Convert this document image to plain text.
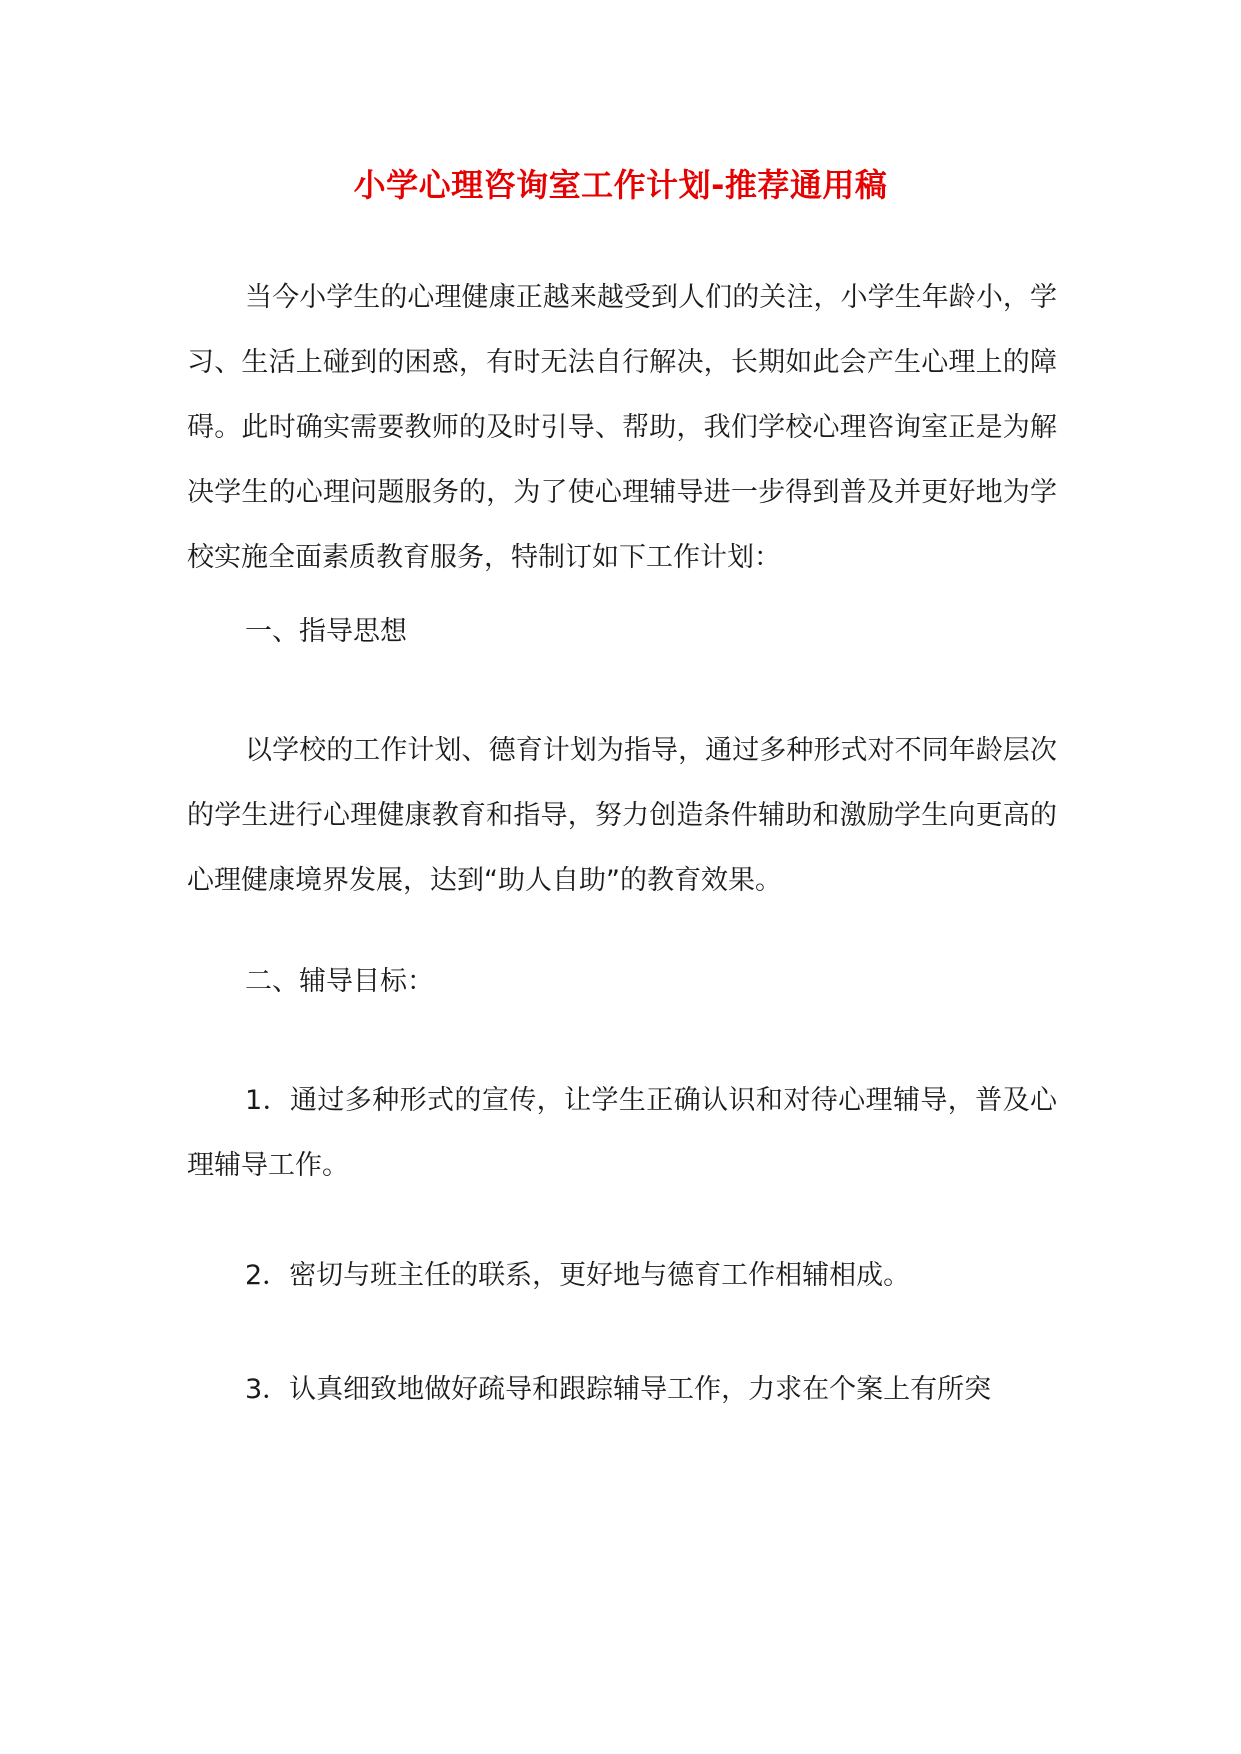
小学心理咨询室工作计划-推荐通用稿

当今小学生的心理健康正越来越受到人们的关注，小学生年龄小，学习、生活上碰到的困惑，有时无法自行解决，长期如此会产生心理上的障碍。此时确实需要教师的及时引导、帮助，我们学校心理咨询室正是为解决学生的心理问题服务的，为了使心理辅导进一步得到普及并更好地为学校实施全面素质教育服务，特制订如下工作计划：

一、指导思想

以学校的工作计划、德育计划为指导，通过多种形式对不同年龄层次的学生进行心理健康教育和指导，努力创造条件辅助和激励学生向更高的心理健康境界发展，达到“助人自助”的教育效果。

二、辅导目标：

1．通过多种形式的宣传，让学生正确认识和对待心理辅导，普及心理辅导工作。

2．密切与班主任的联系，更好地与德育工作相辅相成。

3．认真细致地做好疏导和跟踪辅导工作，力求在个案上有所突
